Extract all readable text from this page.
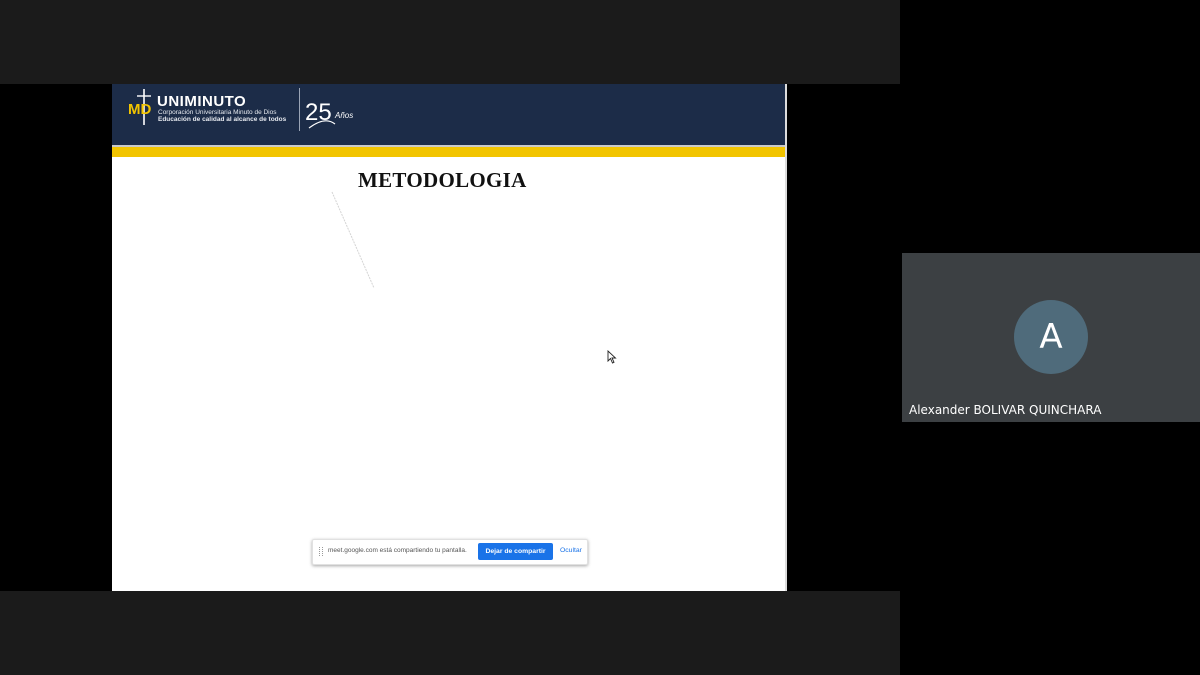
MD UNIMINUTO
Corporación Universitaria Minuto de Dios
Educación de calidad al alcance de todos 25 Años
METODOLOGIA
meet.google.com está compartiendo tu pantalla.	Dejar de compartir	Ocultar
A
Alexander BOLIVAR QUINCHARA
